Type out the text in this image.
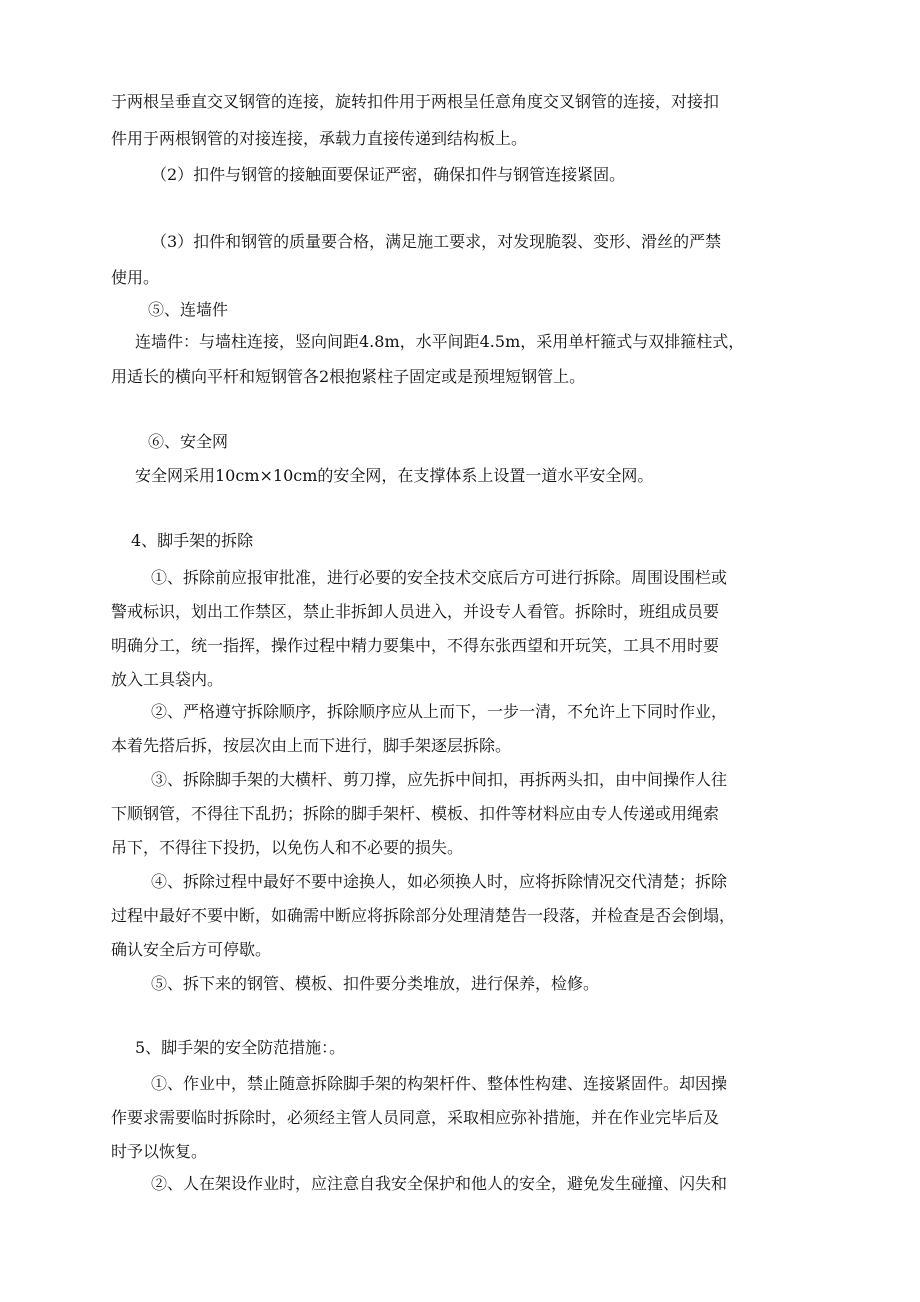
于两根呈垂直交叉钢管的连接，旋转扣件用于两根呈任意角度交叉钢管的连接，对接扣
件用于两根钢管的对接连接，承载力直接传递到结构板上。
（2）扣件与钢管的接触面要保证严密，确保扣件与钢管连接紧固。
（3）扣件和钢管的质量要合格，满足施工要求，对发现脆裂、变形、滑丝的严禁
使用。
⑤、连墙件
连墙件：与墙柱连接，竖向间距4.8m，水平间距4.5m，采用单杆箍式与双排箍柱式，
用适长的横向平杆和短钢管各2根抱紧柱子固定或是预埋短钢管上。
⑥、安全网
安全网采用10cm×10cm的安全网，在支撑体系上设置一道水平安全网。
4、脚手架的拆除
①、拆除前应报审批准，进行必要的安全技术交底后方可进行拆除。周围设围栏或
警戒标识，划出工作禁区，禁止非拆卸人员进入，并设专人看管。拆除时，班组成员要
明确分工，统一指挥，操作过程中精力要集中，不得东张西望和开玩笑，工具不用时要
放入工具袋内。
②、严格遵守拆除顺序，拆除顺序应从上而下，一步一清，不允许上下同时作业，
本着先搭后拆，按层次由上而下进行，脚手架逐层拆除。
③、拆除脚手架的大横杆、剪刀撑，应先拆中间扣，再拆两头扣，由中间操作人往
下顺钢管，不得往下乱扔；拆除的脚手架杆、模板、扣件等材料应由专人传递或用绳索
吊下，不得往下投扔，以免伤人和不必要的损失。
④、拆除过程中最好不要中途换人，如必须换人时，应将拆除情况交代清楚；拆除
过程中最好不要中断，如确需中断应将拆除部分处理清楚告一段落，并检查是否会倒塌，
确认安全后方可停歇。
⑤、拆下来的钢管、模板、扣件要分类堆放，进行保养，检修。
5、脚手架的安全防范措施：。
①、作业中，禁止随意拆除脚手架的构架杆件、整体性构建、连接紧固件。却因操
作要求需要临时拆除时，必须经主管人员同意，采取相应弥补措施，并在作业完毕后及
时予以恢复。
②、人在架设作业时，应注意自我安全保护和他人的安全，避免发生碰撞、闪失和
